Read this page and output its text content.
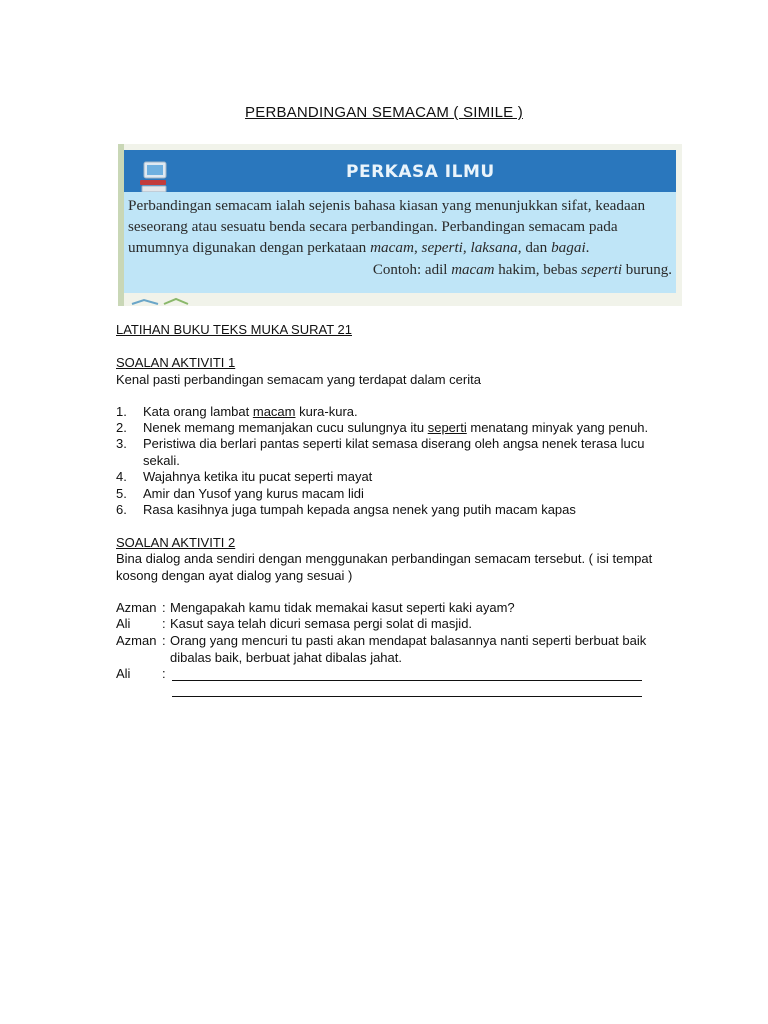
PERBANDINGAN SEMACAM ( SIMILE )
PERKASA ILMU
Perbandingan semacam ialah sejenis bahasa kiasan yang menunjukkan sifat, keadaan seseorang atau sesuatu benda secara perbandingan. Perbandingan semacam pada umumnya digunakan dengan perkataan macam, seperti, laksana, dan bagai.
Contoh: adil macam hakim, bebas seperti burung.
LATIHAN BUKU TEKS MUKA SURAT 21
SOALAN AKTIVITI 1
Kenal pasti perbandingan semacam yang terdapat dalam cerita
1. Kata orang lambat macam kura-kura.
2. Nenek memang memanjakan cucu sulungnya itu seperti menatang minyak yang penuh.
3. Peristiwa dia berlari pantas seperti kilat semasa diserang oleh angsa nenek terasa lucu sekali.
4. Wajahnya ketika itu pucat seperti mayat
5. Amir dan Yusof yang kurus macam lidi
6. Rasa kasihnya juga tumpah kepada angsa nenek yang putih macam kapas
SOALAN AKTIVITI 2
Bina dialog anda sendiri dengan menggunakan perbandingan semacam tersebut. ( isi tempat kosong dengan ayat dialog yang sesuai )
Azman : Mengapakah kamu tidak memakai kasut seperti kaki ayam?
Ali : Kasut saya telah dicuri semasa pergi solat di masjid.
Azman : Orang yang mencuri tu pasti akan mendapat balasannya nanti seperti berbuat baik dibalas baik, berbuat jahat dibalas jahat.
Ali :
